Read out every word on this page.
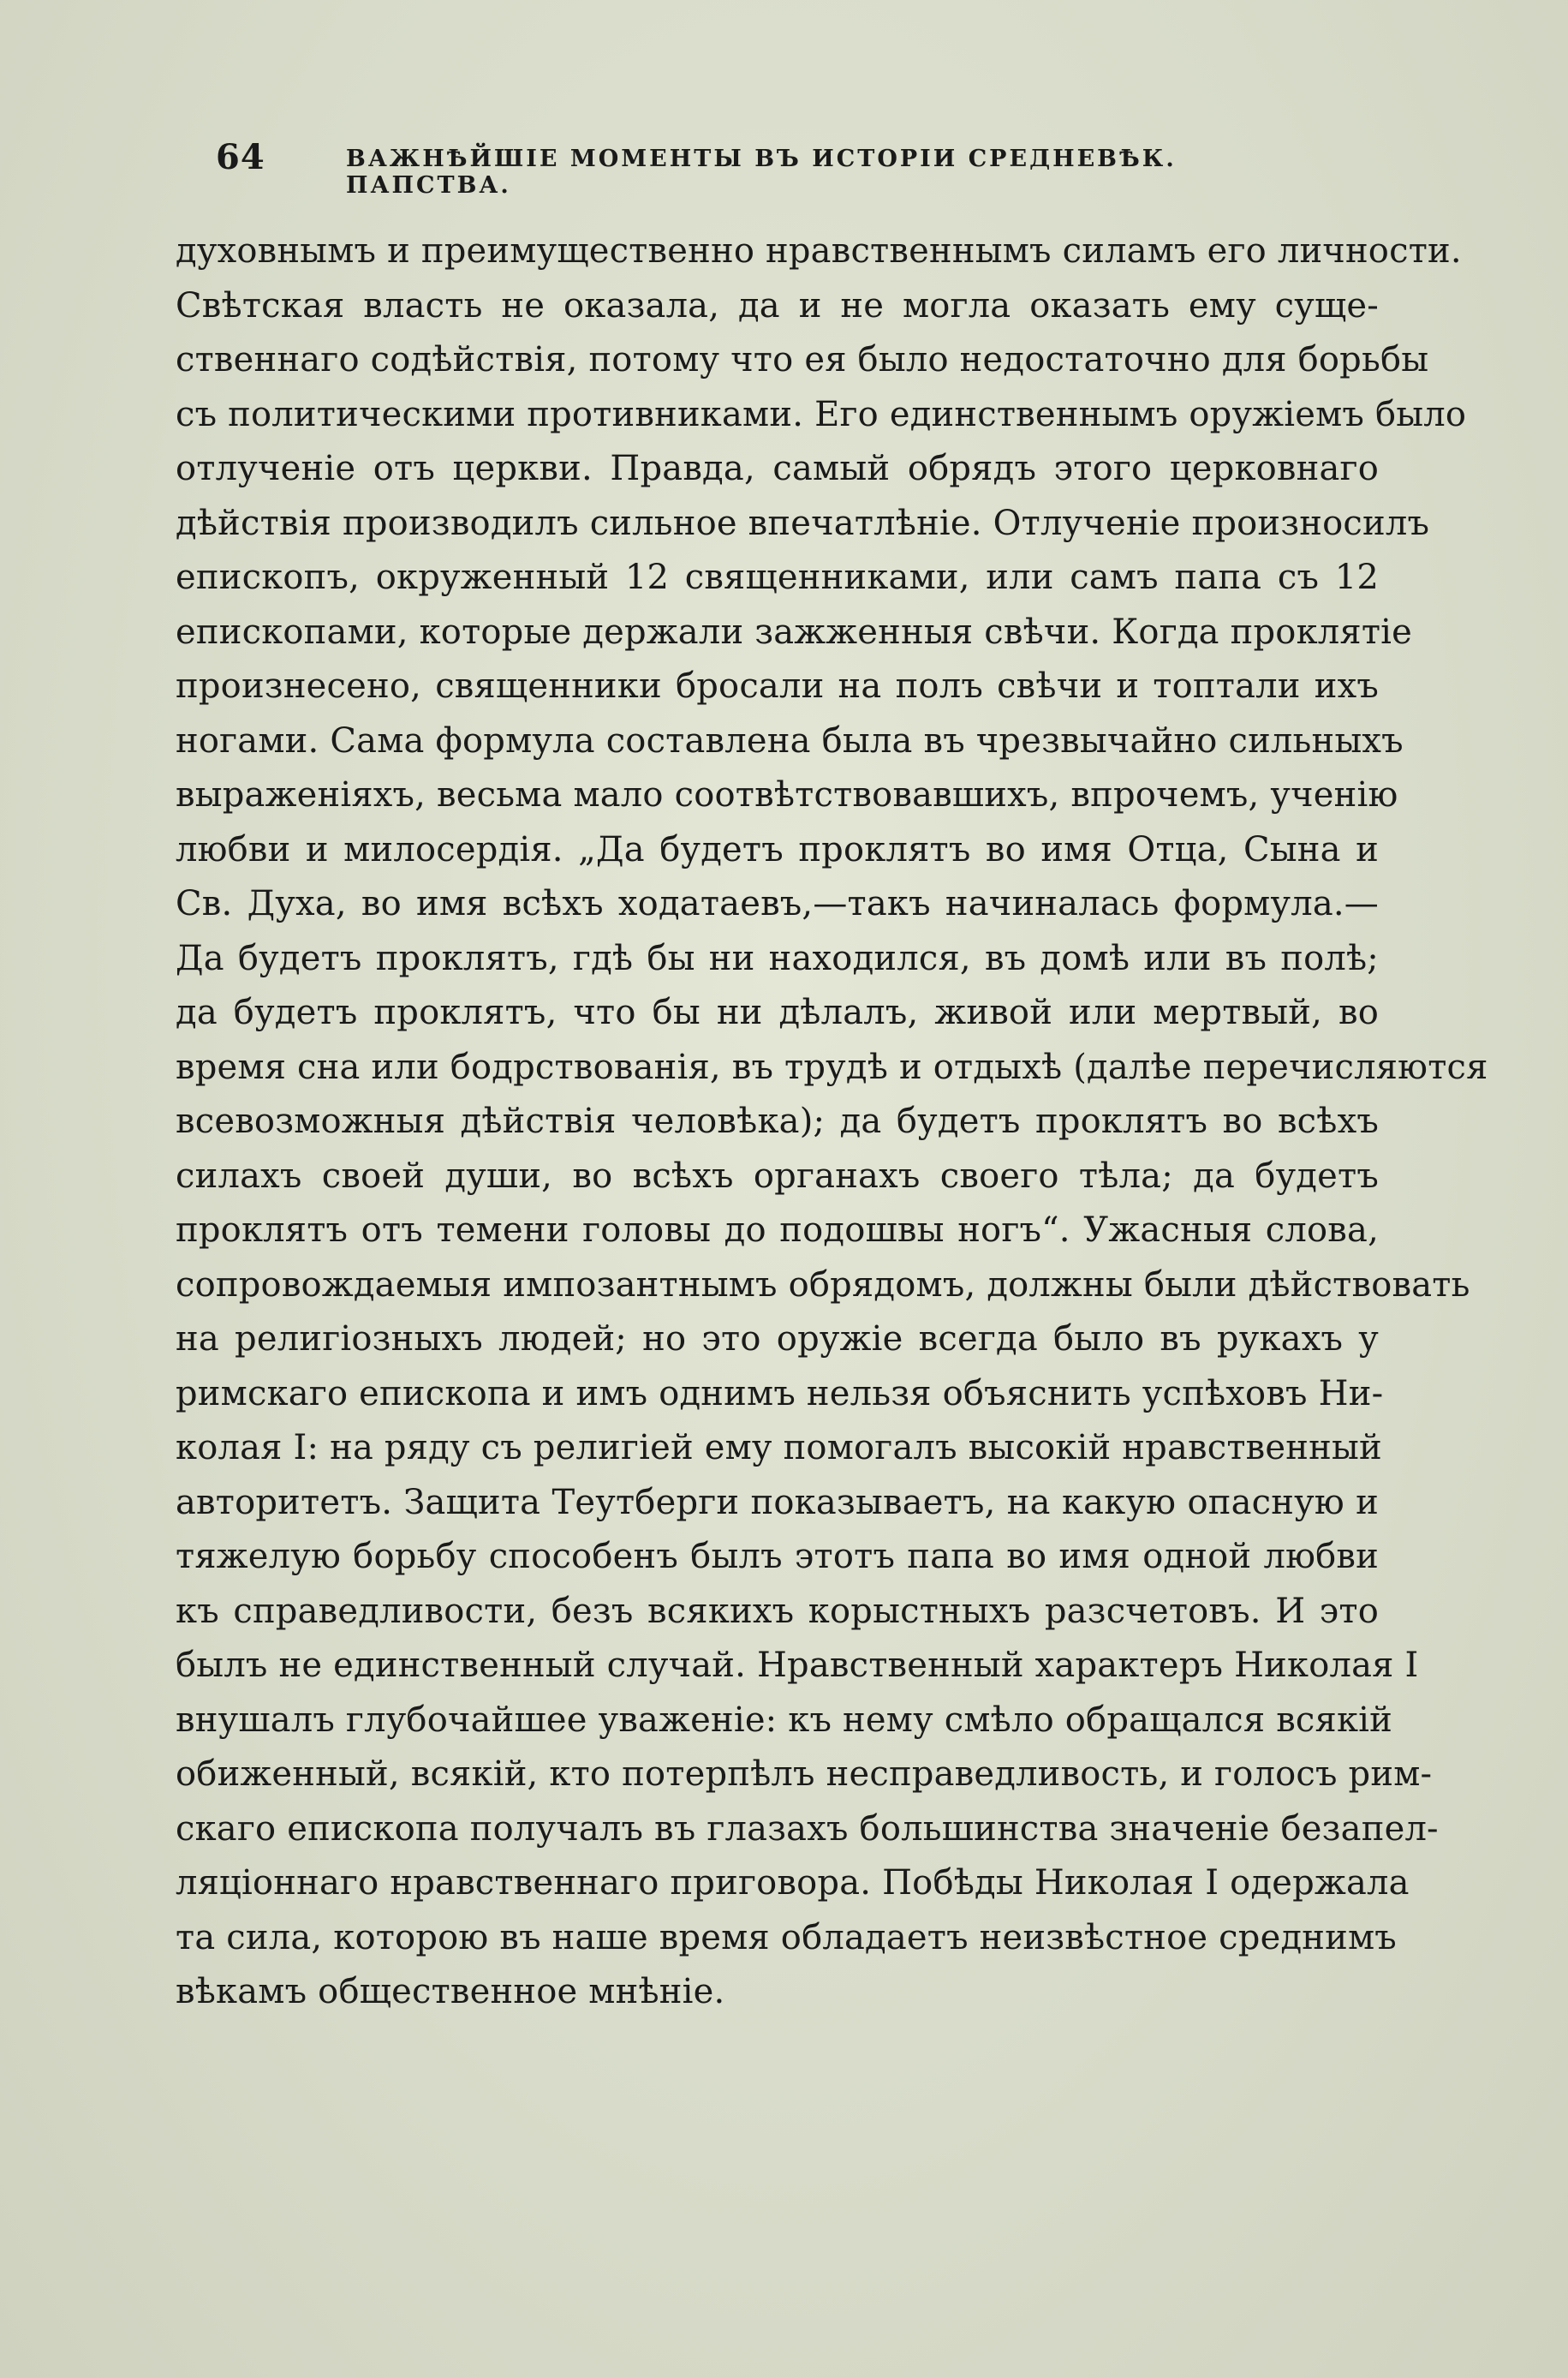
64	ВАЖНѢЙШІЕ МОМЕНТЫ ВЪ ИСТОРІИ СРЕДНЕВѢК. ПАПСТВА.
духовнымъ и преимущественно нравственнымъ силамъ его личности.
Свѣтская власть не оказала, да и не могла оказать ему суще-
ственнаго содѣйствія, потому что ея было недостаточно для борьбы
съ политическими противниками. Его единственнымъ оружіемъ было
отлученіе отъ церкви. Правда, самый обрядъ этого церковнаго
дѣйствія производилъ сильное впечатлѣніе. Отлученіе произносилъ
епископъ, окруженный 12 священниками, или самъ папа съ 12
епископами, которые держали зажженныя свѣчи. Когда проклятіе
произнесено, священники бросали на полъ свѣчи и топтали ихъ
ногами. Сама формула составлена была въ чрезвычайно сильныхъ
выраженіяхъ, весьма мало соотвѣтствовавшихъ, впрочемъ, ученію
любви и милосердія. „Да будетъ проклятъ во имя Отца, Сына и
Св. Духа, во имя всѣхъ ходатаевъ,—такъ начиналась формула.—
Да будетъ проклятъ, гдѣ бы ни находился, въ домѣ или въ полѣ;
да будетъ проклятъ, что бы ни дѣлалъ, живой или мертвый, во
время сна или бодрствованія, въ трудѣ и отдыхѣ (далѣе перечисляются
всевозможныя дѣйствія человѣка); да будетъ проклятъ во всѣхъ
силахъ своей души, во всѣхъ органахъ своего тѣла; да будетъ
проклятъ отъ темени головы до подошвы ногъ“. Ужасныя слова,
сопровождаемыя импозантнымъ обрядомъ, должны были дѣйствовать
на религіозныхъ людей; но это оружіе всегда было въ рукахъ у
римскаго епископа и имъ однимъ нельзя объяснить успѣховъ Ни-
колая I: на ряду съ религіей ему помогалъ высокій нравственный
авторитетъ. Защита Теутберги показываетъ, на какую опасную и
тяжелую борьбу способенъ былъ этотъ папа во имя одной любви
къ справедливости, безъ всякихъ корыстныхъ разсчетовъ. И это
былъ не единственный случай. Нравственный характеръ Николая I
внушалъ глубочайшее уваженіе: къ нему смѣло обращался всякій
обиженный, всякій, кто потерпѣлъ несправедливость, и голосъ рим-
скаго епископа получалъ въ глазахъ большинства значеніе безапел-
ляціоннаго нравственнаго приговора. Побѣды Николая I одержала
та сила, которою въ наше время обладаетъ неизвѣстное среднимъ
вѣкамъ общественное мнѣніе.
